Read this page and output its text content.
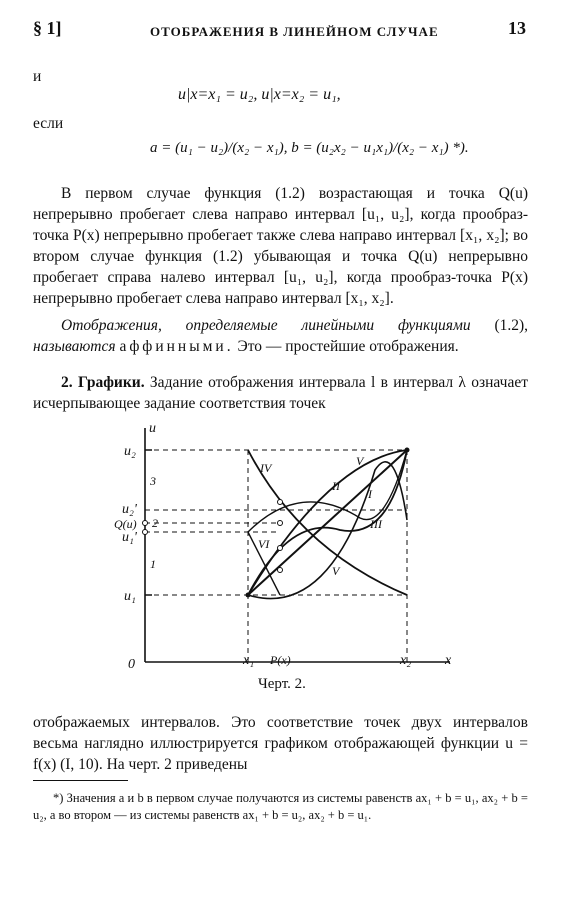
§ 1]	ОТОБРАЖЕНИЯ В ЛИНЕЙНОМ СЛУЧАЕ	13
и
u|x=x₁ = u₂, u|x=x₂ = u₁,
если
a = (u₁ − u₂)/(x₂ − x₁), b = (u₂x₂ − u₁x₁)/(x₂ − x₁) *).
В первом случае функция (1.2) возрастающая и точка Q(u) непрерывно пробегает слева направо интервал [u₁, u₂], когда прообраз-точка P(x) непрерывно пробегает также слева направо интервал [x₁, x₂]; во втором случае функция (1.2) убывающая и точка Q(u) непрерывно пробегает справа налево интервал [u₁, u₂], когда прообраз-точка P(x) непрерывно пробегает слева направо интервал [x₁, x₂].
Отображения, определяемые линейными функциями (1.2), называются аффинными. Это — простейшие отображения.
2. Графики. Задание отображения интервала l в интервал λ означает исчерпывающее задание соответствия точек
u
x
0
u₂
u₂'
Q(u)
u₁'
u₁
x₁ P(x)	x₂
3
2
1
I
II
III
IV	V
V
VI
Черт. 2.
отображаемых интервалов. Это соответствие точек двух интервалов весьма наглядно иллюстрируется графиком отображающей функции u = f(x) (I, 10). На черт. 2 приведены
*) Значения a и b в первом случае получаются из системы равенств ax₁ + b = u₁, ax₂ + b = u₂, а во втором — из системы равенств ax₁ + b = u₂, ax₂ + b = u₁.
